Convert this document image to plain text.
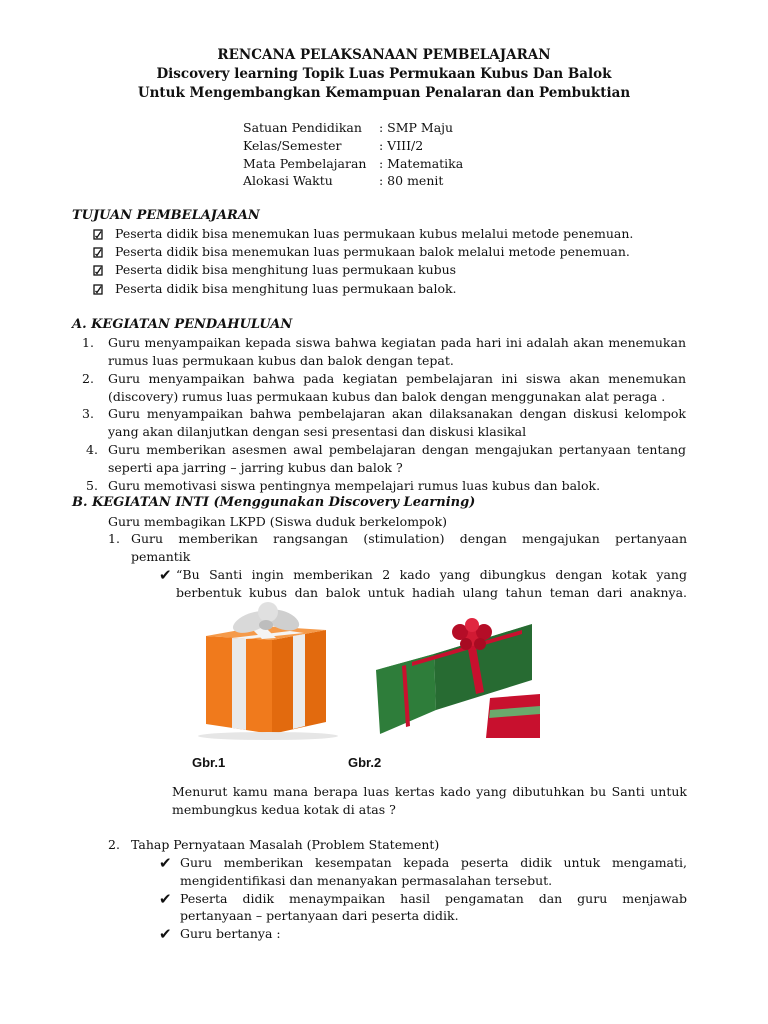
RENCANA PELAKSANAAN PEMBELAJARAN
Discovery learning Topik Luas Permukaan Kubus Dan Balok
Untuk Mengembangkan Kemampuan Penalaran dan Pembuktian
Satuan Pendidikan : SMP Maju
Kelas/Semester	: VIII/2
Mata Pembelajaran : Matematika
Alokasi Waktu	: 80 menit
TUJUAN PEMBELAJARAN
Peserta didik bisa menemukan luas permukaan kubus melalui metode penemuan.
Peserta didik bisa menemukan luas permukaan balok melalui metode penemuan.
Peserta didik bisa menghitung luas permukaan kubus
Peserta didik bisa menghitung luas permukaan balok.
A. KEGIATAN PENDAHULUAN
1. Guru menyampaikan kepada siswa bahwa kegiatan pada hari ini adalah akan menemukan
rumus luas permukaan kubus dan balok dengan tepat.
2. Guru menyampaikan bahwa pada kegiatan pembelajaran ini siswa akan menemukan
(discovery) rumus luas permukaan kubus dan balok dengan menggunakan alat peraga .
3. Guru menyampaikan bahwa pembelajaran akan dilaksanakan dengan diskusi kelompok
yang akan dilanjutkan dengan sesi presentasi dan diskusi klasikal
4. Guru memberikan asesmen awal pembelajaran dengan mengajukan pertanyaan tentang
seperti apa jarring – jarring kubus dan balok ?
5. Guru memotivasi siswa pentingnya mempelajari rumus luas kubus dan balok.
B. KEGIATAN INTI (Menggunakan Discovery Learning)
Guru membagikan LKPD (Siswa duduk berkelompok)
1. Guru memberikan rangsangan (stimulation) dengan mengajukan pertanyaan
pemantik
✔ “Bu Santi ingin memberikan 2 kado yang dibungkus dengan kotak yang
berbentuk kubus dan balok untuk hadiah ulang tahun teman dari anaknya.
Gbr.1	Gbr.2
Menurut kamu mana berapa luas kertas kado yang dibutuhkan bu Santi untuk
membungkus kedua kotak di atas ?
2. Tahap Pernyataan Masalah (Problem Statement)
✔ Guru memberikan kesempatan kepada peserta didik untuk mengamati,
mengidentifikasi dan menanyakan permasalahan tersebut.
✔ Peserta didik menaympaikan hasil pengamatan dan guru menjawab
pertanyaan – pertanyaan dari peserta didik.
✔ Guru bertanya :
